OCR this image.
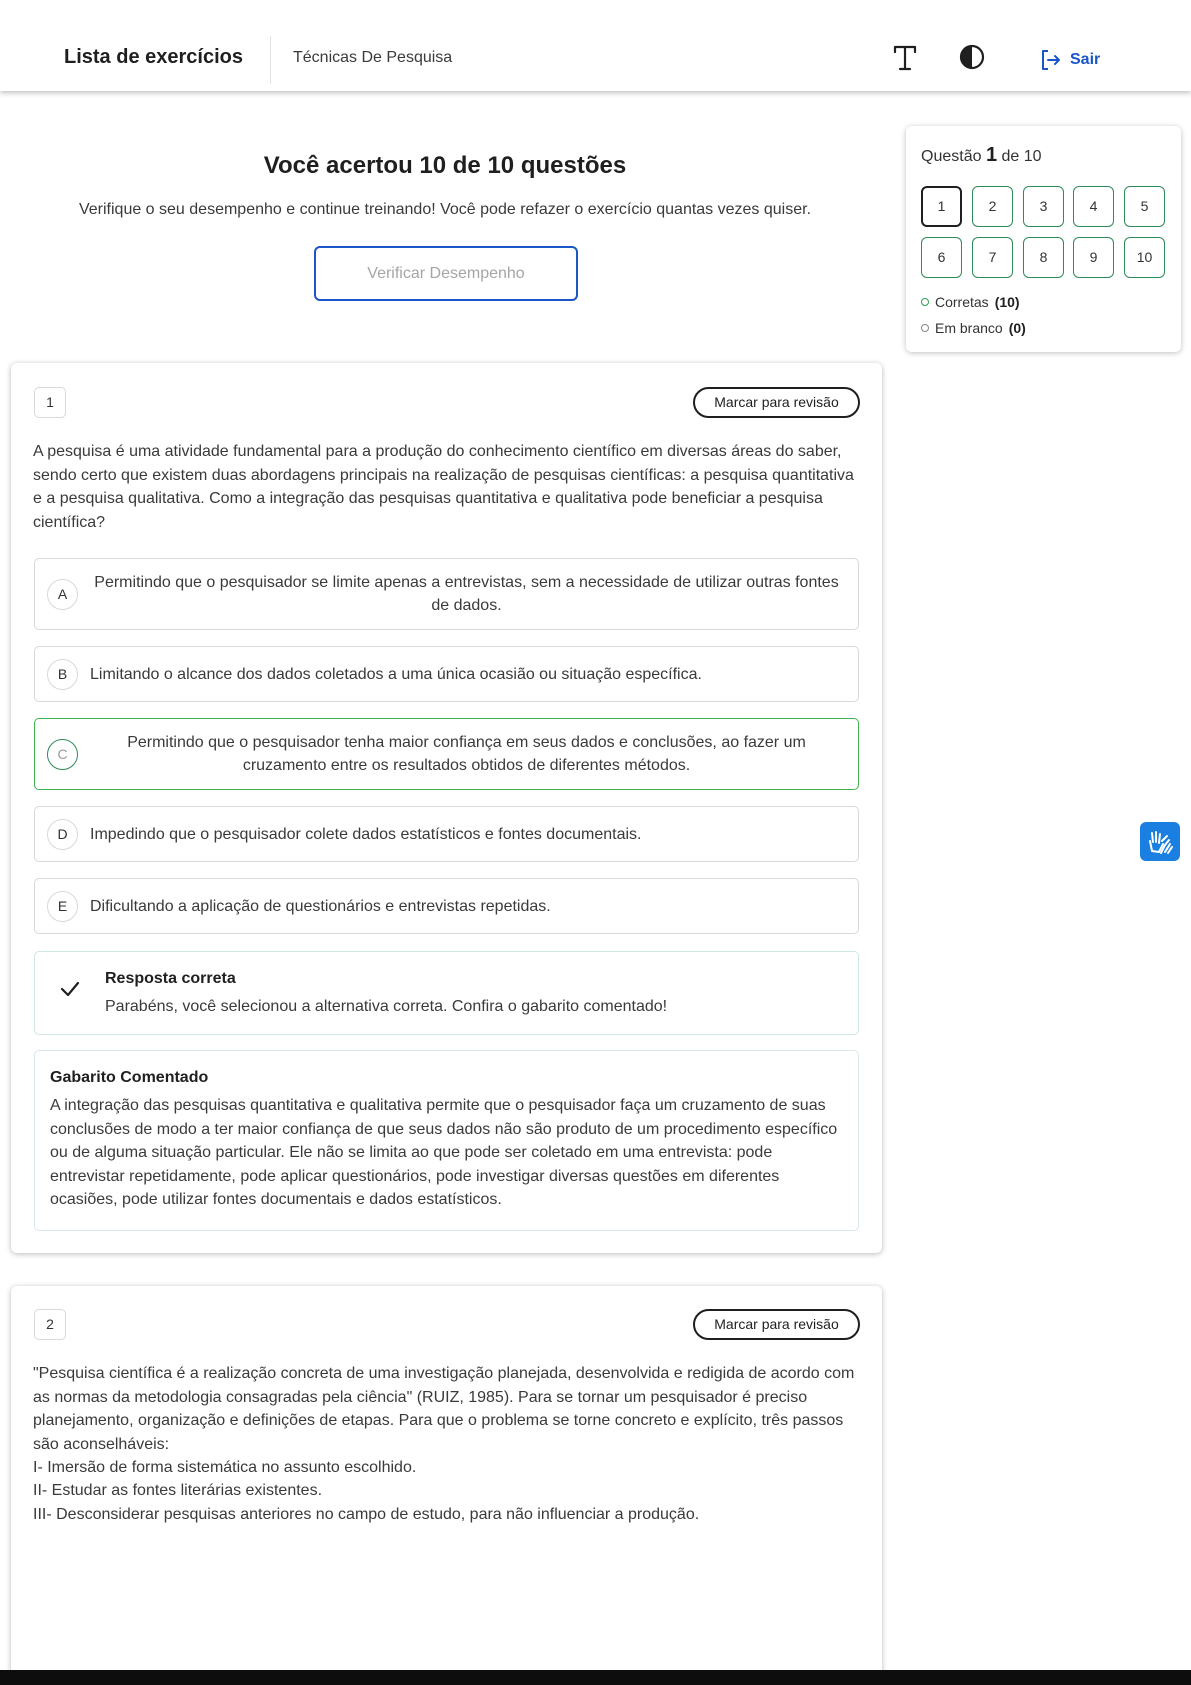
Lista de exercícios	Técnicas De Pesquisa	Sair
Você acertou 10 de 10 questões
Verifique o seu desempenho e continue treinando! Você pode refazer o exercício quantas vezes quiser.
Verificar Desempenho
Questão 1 de 10
1	2	3	4	5
6	7	8	9	10
Corretas (10)
Em branco (0)
1	Marcar para revisão
A pesquisa é uma atividade fundamental para a produção do conhecimento científico em diversas áreas do saber, sendo certo que existem duas abordagens principais na realização de pesquisas científicas: a pesquisa quantitativa e a pesquisa qualitativa. Como a integração das pesquisas quantitativa e qualitativa pode beneficiar a pesquisa científica?
A
Permitindo que o pesquisador se limite apenas a entrevistas, sem a necessidade de utilizar outras fontes de dados.
B	Limitando o alcance dos dados coletados a uma única ocasião ou situação específica.
C
Permitindo que o pesquisador tenha maior confiança em seus dados e conclusões, ao fazer um cruzamento entre os resultados obtidos de diferentes métodos.
D	Impedindo que o pesquisador colete dados estatísticos e fontes documentais.
E	Dificultando a aplicação de questionários e entrevistas repetidas.
Resposta correta
Parabéns, você selecionou a alternativa correta. Confira o gabarito comentado!
Gabarito Comentado
A integração das pesquisas quantitativa e qualitativa permite que o pesquisador faça um cruzamento de suas conclusões de modo a ter maior confiança de que seus dados não são produto de um procedimento específico ou de alguma situação particular. Ele não se limita ao que pode ser coletado em uma entrevista: pode entrevistar repetidamente, pode aplicar questionários, pode investigar diversas questões em diferentes ocasiões, pode utilizar fontes documentais e dados estatísticos.
2	Marcar para revisão
"Pesquisa científica é a realização concreta de uma investigação planejada, desenvolvida e redigida de acordo com as normas da metodologia consagradas pela ciência" (RUIZ, 1985). Para se tornar um pesquisador é preciso planejamento, organização e definições de etapas. Para que o problema se torne concreto e explícito, três passos são aconselháveis:
I- Imersão de forma sistemática no assunto escolhido.
II- Estudar as fontes literárias existentes.
III- Desconsiderar pesquisas anteriores no campo de estudo, para não influenciar a produção.
